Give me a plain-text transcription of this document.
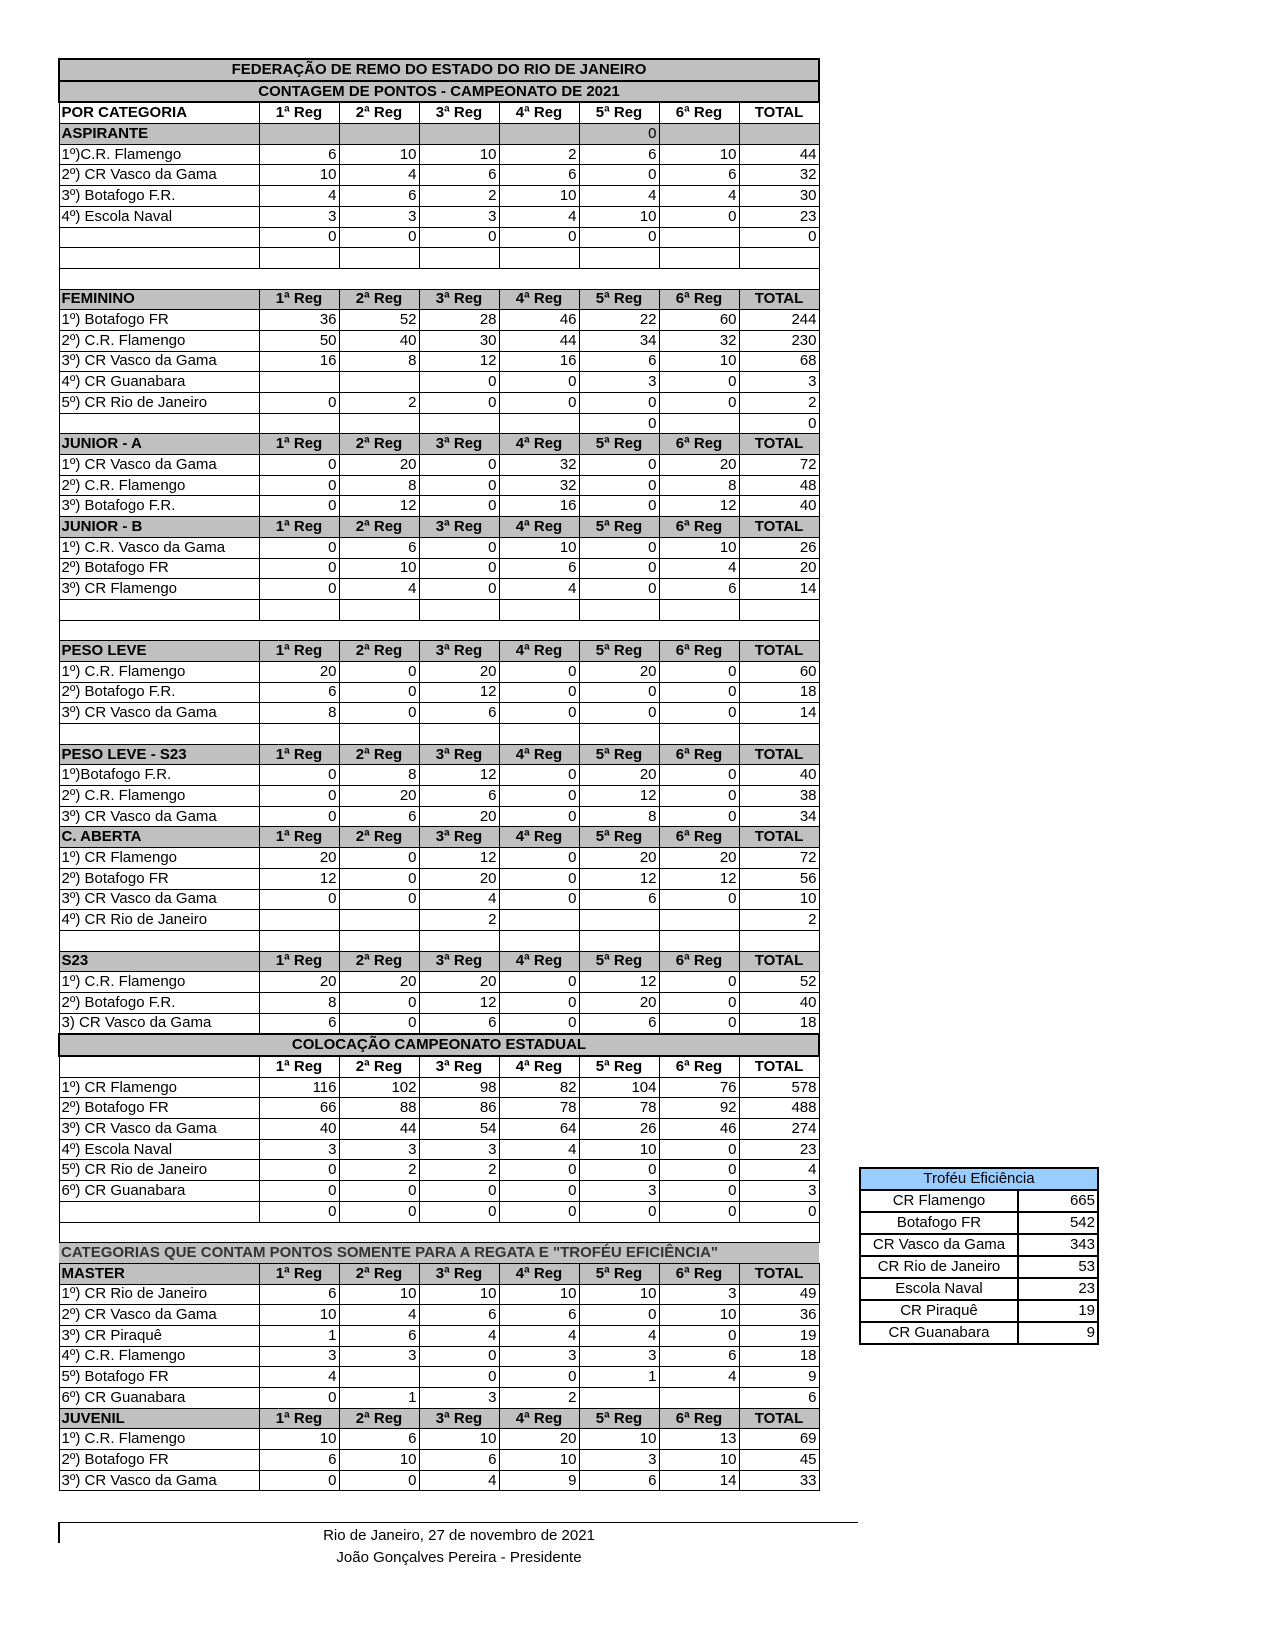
FEDERAÇÃO DE REMO DO ESTADO DO RIO DE JANEIRO							
CONTAGEM DE PONTOS - CAMPEONATO DE 2021							
POR CATEGORIA	1ª Reg	2ª Reg	3ª Reg	4ª Reg	5ª Reg	6ª Reg	TOTAL
ASPIRANTE					0		
1º)C.R. Flamengo	6	10	10	2	6	10	44
2º) CR Vasco da Gama	10	4	6	6	0	6	32
3º) Botafogo F.R.	4	6	2	10	4	4	30
4º) Escola Naval	3	3	3	4	10	0	23
	0	0	0	0	0		0

FEMININO	1ª Reg	2ª Reg	3ª Reg	4ª Reg	5ª Reg	6ª Reg	TOTAL
1º) Botafogo FR	36	52	28	46	22	60	244
2º) C.R. Flamengo	50	40	30	44	34	32	230
3º) CR Vasco da Gama	16	8	12	16	6	10	68
4º) CR Guanabara			0	0	3	0	3
5º) CR Rio de Janeiro	0	2	0	0	0	0	2
					0		0
JUNIOR - A	1ª Reg	2ª Reg	3ª Reg	4ª Reg	5ª Reg	6ª Reg	TOTAL
1º) CR Vasco da Gama	0	20	0	32	0	20	72
2º) C.R. Flamengo	0	8	0	32	0	8	48
3º) Botafogo F.R.	0	12	0	16	0	12	40
JUNIOR - B	1ª Reg	2ª Reg	3ª Reg	4ª Reg	5ª Reg	6ª Reg	TOTAL
1º) C.R. Vasco da Gama	0	6	0	10	0	10	26
2º) Botafogo FR	0	10	0	6	0	4	20
3º) CR Flamengo	0	4	0	4	0	6	14

PESO LEVE	1ª Reg	2ª Reg	3ª Reg	4ª Reg	5ª Reg	6ª Reg	TOTAL
1º) C.R. Flamengo	20	0	20	0	20	0	60
2º) Botafogo F.R.	6	0	12	0	0	0	18
3º) CR Vasco da Gama	8	0	6	0	0	0	14

PESO LEVE - S23	1ª Reg	2ª Reg	3ª Reg	4ª Reg	5ª Reg	6ª Reg	TOTAL
1º)Botafogo F.R.	0	8	12	0	20	0	40
2º) C.R. Flamengo	0	20	6	0	12	0	38
3º) CR Vasco da Gama	0	6	20	0	8	0	34
C. ABERTA	1ª Reg	2ª Reg	3ª Reg	4ª Reg	5ª Reg	6ª Reg	TOTAL
1º) CR Flamengo	20	0	12	0	20	20	72
2º) Botafogo FR	12	0	20	0	12	12	56
3º) CR Vasco da Gama	0	0	4	0	6	0	10
4º) CR Rio de Janeiro			2				2

S23	1ª Reg	2ª Reg	3ª Reg	4ª Reg	5ª Reg	6ª Reg	TOTAL
1º) C.R. Flamengo	20	20	20	0	12	0	52
2º) Botafogo F.R.	8	0	12	0	20	0	40
3) CR Vasco da Gama	6	0	6	0	6	0	18
COLOCAÇÃO CAMPEONATO ESTADUAL							
	1ª Reg	2ª Reg	3ª Reg	4ª Reg	5ª Reg	6ª Reg	TOTAL
1º) CR Flamengo	116	102	98	82	104	76	578
2º) Botafogo FR	66	88	86	78	78	92	488
3º) CR Vasco da Gama	40	44	54	64	26	46	274
4º) Escola Naval	3	3	3	4	10	0	23
5º) CR Rio de Janeiro	0	2	2	0	0	0	4
6º) CR Guanabara	0	0	0	0	3	0	3
	0	0	0	0	0	0	0

CATEGORIAS QUE CONTAM PONTOS SOMENTE PARA A REGATA E "TROFÉU EFICIÊNCIA"							
MASTER	1ª Reg	2ª Reg	3ª Reg	4ª Reg	5ª Reg	6ª Reg	TOTAL
1º) CR Rio de Janeiro	6	10	10	10	10	3	49
2º) CR Vasco da Gama	10	4	6	6	0	10	36
3º) CR Piraquê	1	6	4	4	4	0	19
4º) C.R. Flamengo	3	3	0	3	3	6	18
5º) Botafogo FR	4		0	0	1	4	9
6º) CR Guanabara	0	1	3	2			6
JUVENIL	1ª Reg	2ª Reg	3ª Reg	4ª Reg	5ª Reg	6ª Reg	TOTAL
1º) C.R. Flamengo	10	6	10	20	10	13	69
2º) Botafogo FR	6	10	6	10	3	10	45
3º) CR Vasco da Gama	0	0	4	9	6	14	33
Troféu Eficiência	
CR Flamengo	665
Botafogo FR	542
CR Vasco da Gama	343
CR Rio de Janeiro	53
Escola Naval	23
CR Piraquê	19
CR Guanabara	9
Rio de Janeiro, 27 de novembro de 2021
João Gonçalves Pereira - Presidente
